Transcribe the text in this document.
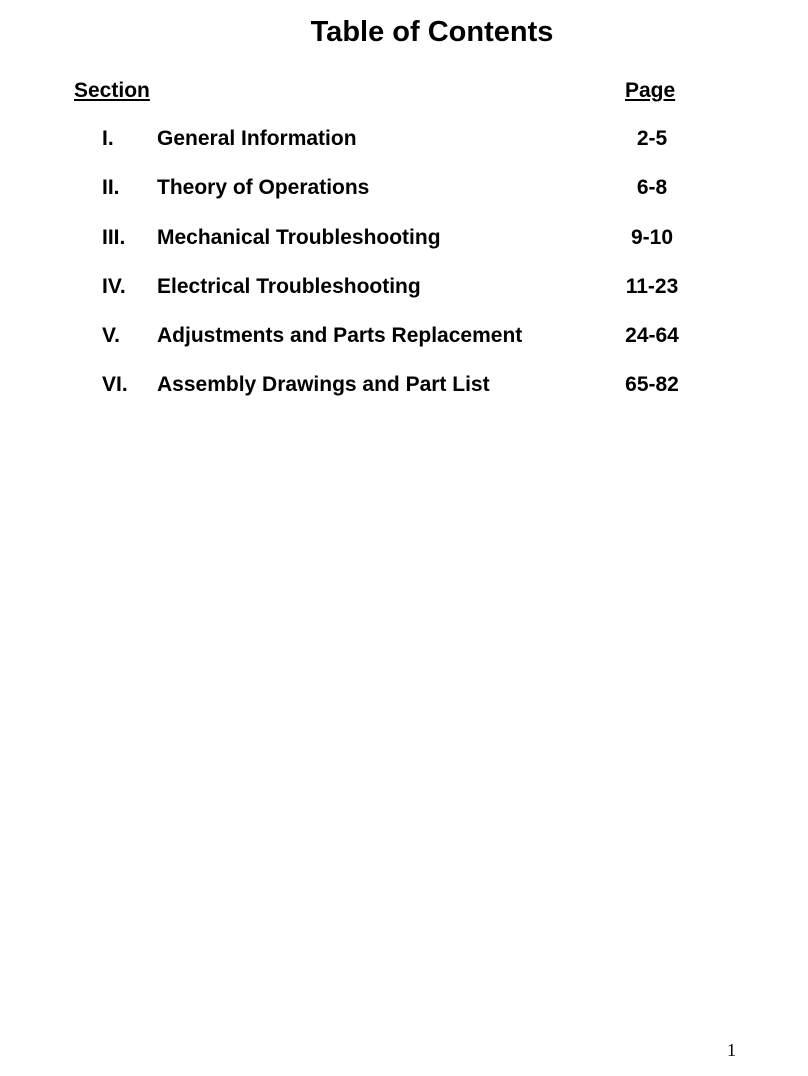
Table of Contents
Section	Page
I. General Information	2-5
II. Theory of Operations	6-8
III. Mechanical Troubleshooting	9-10
IV. Electrical Troubleshooting	11-23
V. Adjustments and Parts Replacement	24-64
VI. Assembly Drawings and Part List	65-82
1
